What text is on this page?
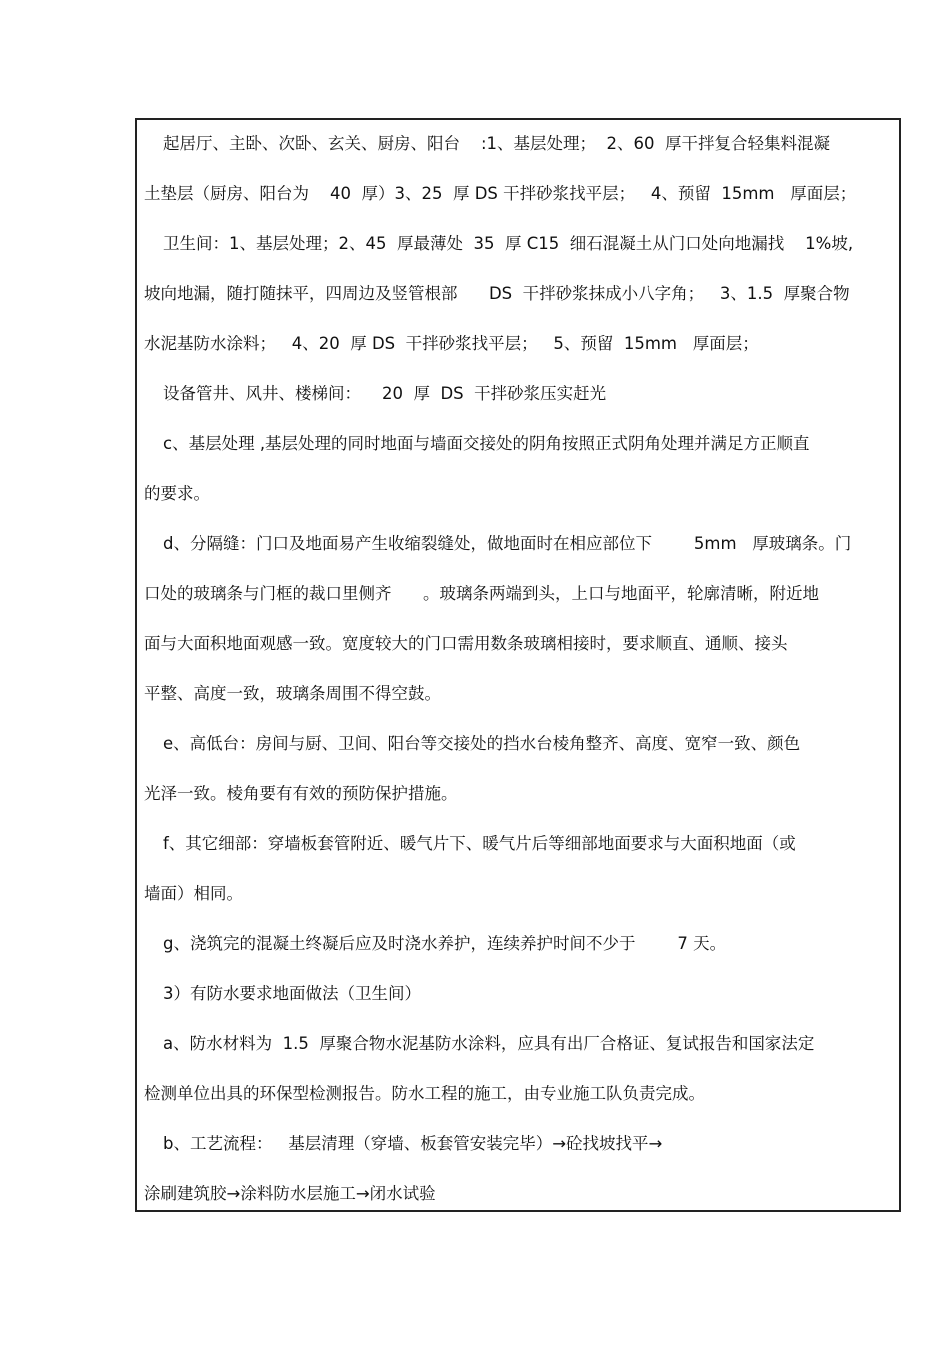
起居厅、主卧、次卧、玄关、厨房、阳台    :1、基层处理；  2、60  厚干拌复合轻集料混凝
土垫层（厨房、阳台为    40  厚）3、25  厚 DS 干拌砂浆找平层；   4、预留  15mm   厚面层；
卫生间：1、基层处理；2、45  厚最薄处  35  厚 C15  细石混凝土从门口处向地漏找    1%坡,
坡向地漏，随打随抹平，四周边及竖管根部      DS  干拌砂浆抹成小八字角；   3、1.5  厚聚合物
水泥基防水涂料；   4、20  厚 DS  干拌砂浆找平层；   5、预留  15mm   厚面层；
设备管井、风井、楼梯间：    20  厚  DS  干拌砂浆压实赶光
c、基层处理 ,基层处理的同时地面与墙面交接处的阴角按照正式阴角处理并满足方正顺直
的要求。
d、分隔缝：门口及地面易产生收缩裂缝处，做地面时在相应部位下        5mm   厚玻璃条。门
口处的玻璃条与门框的裁口里侧齐      。玻璃条两端到头，上口与地面平，轮廓清晰，附近地
面与大面积地面观感一致。宽度较大的门口需用数条玻璃相接时，要求顺直、通顺、接头
平整、高度一致，玻璃条周围不得空鼓。
e、高低台：房间与厨、卫间、阳台等交接处的挡水台棱角整齐、高度、宽窄一致、颜色
光泽一致。棱角要有有效的预防保护措施。
f、其它细部：穿墙板套管附近、暖气片下、暖气片后等细部地面要求与大面积地面（或
墙面）相同。
g、浇筑完的混凝土终凝后应及时浇水养护，连续养护时间不少于        7 天。
3）有防水要求地面做法（卫生间）
a、防水材料为  1.5  厚聚合物水泥基防水涂料，应具有出厂合格证、复试报告和国家法定
检测单位出具的环保型检测报告。防水工程的施工，由专业施工队负责完成。
b、工艺流程：   基层清理（穿墙、板套管安装完毕）→砼找坡找平→
涂刷建筑胶→涂料防水层施工→闭水试验
